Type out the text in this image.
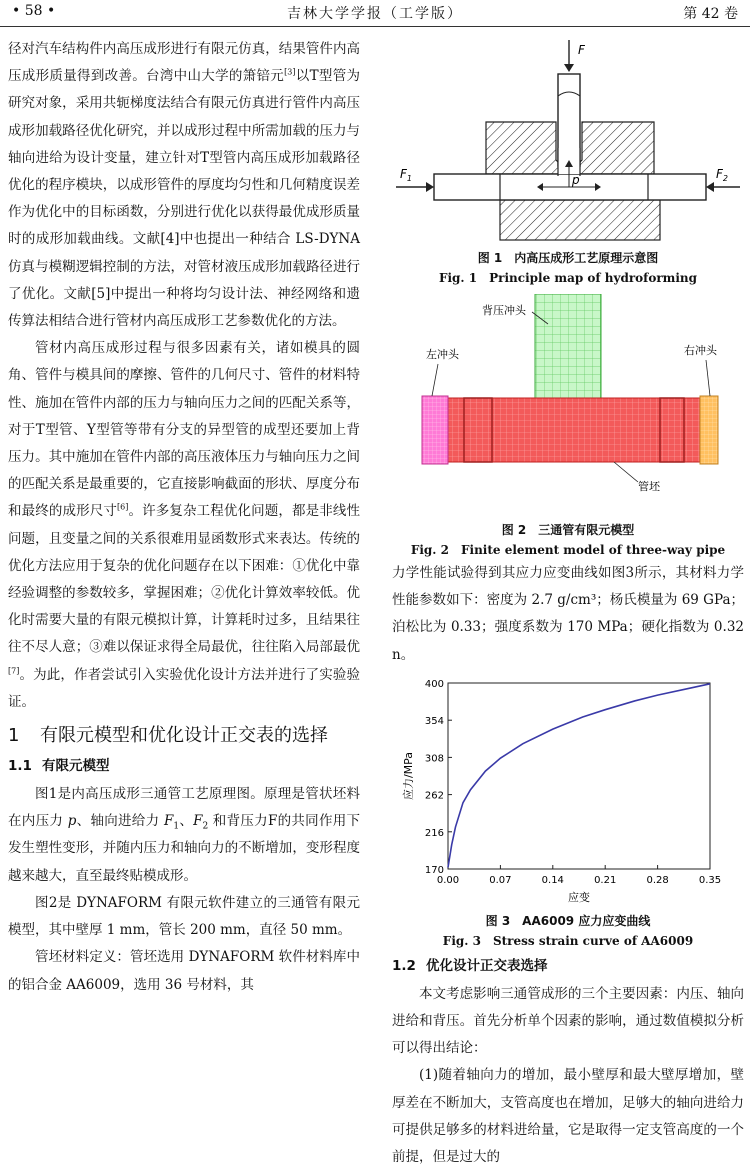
• 58 •	吉林大学学报（工学版）	第 42 卷

径对汽车结构件内高压成形进行有限元仿真，结果管件内高压成形质量得到改善。台湾中山大学的箫锫元[3]以T型管为研究对象，采用共轭梯度法结合有限元仿真进行管件内高压成形加载路径优化研究，并以成形过程中所需加载的压力与轴向进给为设计变量，建立针对T型管内高压成形加载路径优化的程序模块，以成形管件的厚度均匀性和几何精度误差作为优化中的目标函数，分别进行优化以获得最优成形质量时的成形加载曲线。文献[4]中也提出一种结合 LS-DYNA 仿真与模糊逻辑控制的方法，对管材液压成形加载路径进行了优化。文献[5]中提出一种将均匀设计法、神经网络和遗传算法相结合进行管材内高压成形工艺参数优化的方法。

管材内高压成形过程与很多因素有关，诸如模具的圆角、管件与模具间的摩擦、管件的几何尺寸、管件的材料特性、施加在管件内部的压力与轴向压力之间的匹配关系等，对于T型管、Y型管等带有分支的异型管的成型还要加上背压力。其中施加在管件内部的高压液体压力与轴向压力之间的匹配关系是最重要的，它直接影响截面的形状、厚度分布和最终的成形尺寸[6]。许多复杂工程优化问题，都是非线性问题，且变量之间的关系很难用显函数形式来表达。传统的优化方法应用于复杂的优化问题存在以下困难：①优化中靠经验调整的参数较多，掌握困难；②优化计算效率较低。优化时需要大量的有限元模拟计算，计算耗时过多，且结果往往不尽人意；③难以保证求得全局最优，往往陷入局部最优[7]。为此，作者尝试引入实验优化设计方法并进行了实验验证。

1	有限元模型和优化设计正交表的选择
1.1 有限元模型

图1是内高压成形三通管工艺原理图。原理是管状坯料在内压力 p、轴向进给力 $F_1$、$F_2$ 和背压力F的共同作用下发生塑性变形，并随内压力和轴向力的不断增加，变形程度越来越大，直至最终贴模成形。

图2是 DYNAFORM 有限元软件建立的三通管有限元模型，其中壁厚 1 mm，管长 200 mm，直径 50 mm。

管坯材料定义：管坯选用 DYNAFORM 软件材料库中的铝合金 AA6009，选用 36 号材料，其

F
$F_1$	$F_2$
p
图 1　内高压成形工艺原理示意图
Fig. 1　Principle map of hydroforming
背压冲头
左冲头	右冲头
管坯
图 2　三通管有限元模型
Fig. 2　Finite element model of three-way pipe

力学性能试验得到其应力应变曲线如图3所示，其材料力学性能参数如下：密度为 2.7 g/cm³；杨氏模量为 69 GPa；泊松比为 0.33；强度系数为 170 MPa；硬化指数为 0.32 n。

170
216
262
308
354
400
0.00	0.07	0.14	0.21	0.28	0.35
应力/MPa
应变
图 3　AA6009 应力应变曲线
Fig. 3　Stress strain curve of AA6009
1.2 优化设计正交表选择

本文考虑影响三通管成形的三个主要因素：内压、轴向进给和背压。首先分析单个因素的影响，通过数值模拟分析可以得出结论：

(1)随着轴向力的增加，最小壁厚和最大壁厚增加，壁厚差在不断加大，支管高度也在增加，足够大的轴向进给力可提供足够多的材料进给量，它是取得一定支管高度的一个前提，但是过大的
